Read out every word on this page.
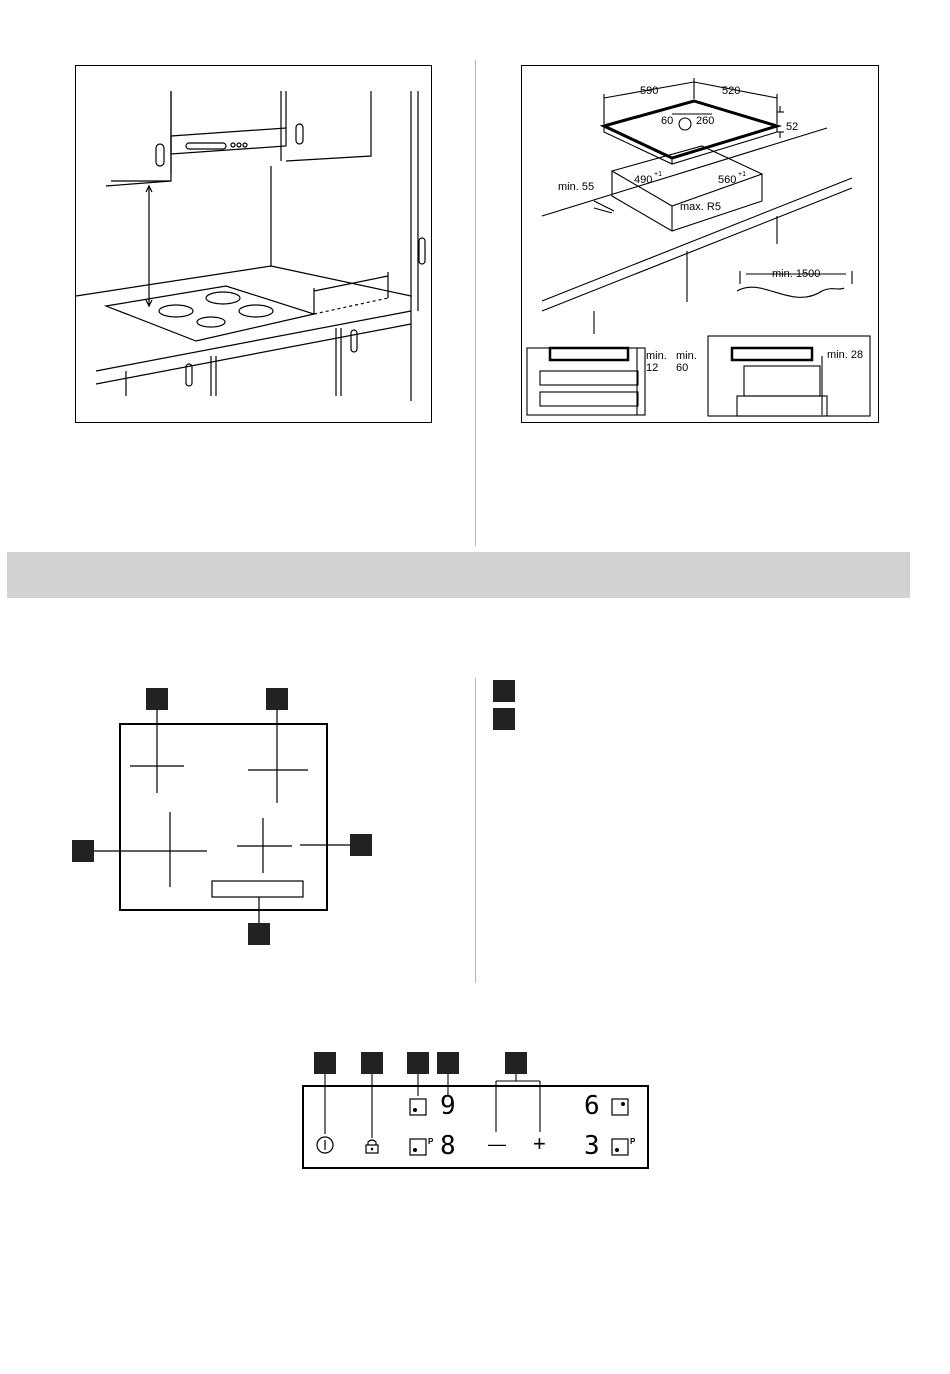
590	520
52
60 260
min. 55
490 +1	560 +1
max. R5
min. 1500
min.
12
min.
60
min. 28
P	P
9
8
6
3
— +
